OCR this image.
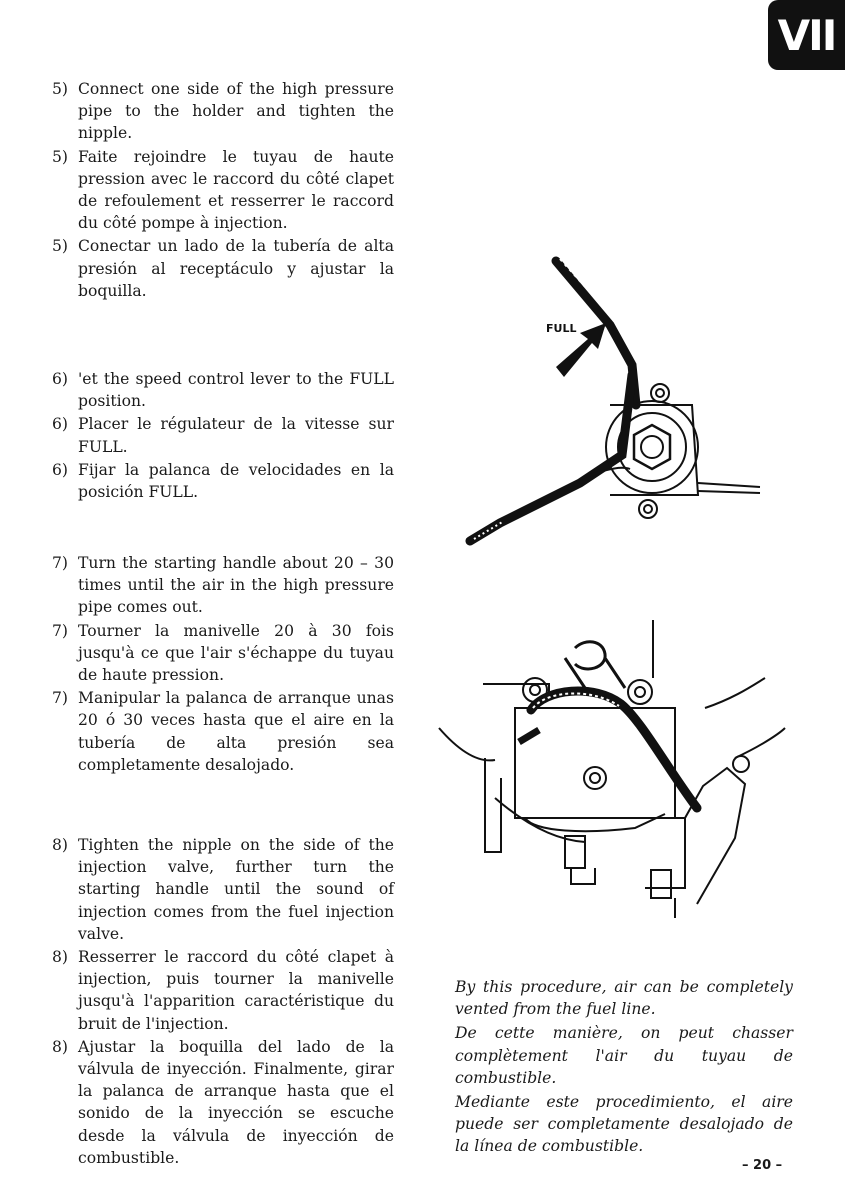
VII
5) Connect one side of the high pressure pipe to the holder and tighten the nipple.
5) Faite rejoindre le tuyau de haute pression avec le raccord du côté clapet de refoulement et resserrer le raccord du côté pompe à injection.
5) Conectar un lado de la tubería de alta presión al receptáculo y ajustar la boquilla.
6) 'et the speed control lever to the FULL position.
6) Placer le régulateur de la vitesse sur FULL.
6) Fijar la palanca de velocidades en la posición FULL.
7) Turn the starting handle about 20 – 30 times until the air in the high pressure pipe comes out.
7) Tourner la manivelle 20 à 30 fois jusqu'à ce que l'air s'échappe du tuyau de haute pression.
7) Manipular la palanca de arranque unas 20 ó 30 veces hasta que el aire en la tubería de alta presión sea completamente desalojado.
8) Tighten the nipple on the side of the injection valve, further turn the starting handle until the sound of injection comes from the fuel injection valve.
8) Resserrer le raccord du côté clapet à injection, puis tourner la manivelle jusqu'à l'apparition caractéristique du bruit de l'injection.
8) Ajustar la boquilla del lado de la válvula de inyección. Finalmente, girar la palanca de arranque hasta que el sonido de la inyección se escuche desde la válvula de inyección de combustible.
FULL

By this procedure, air can be completely vented from the fuel line.

De cette manière, on peut chasser complètement l'air du tuyau de combustible.

Mediante este procedimiento, el aire puede ser completamente desalojado de la línea de combustible.

– 20 –
